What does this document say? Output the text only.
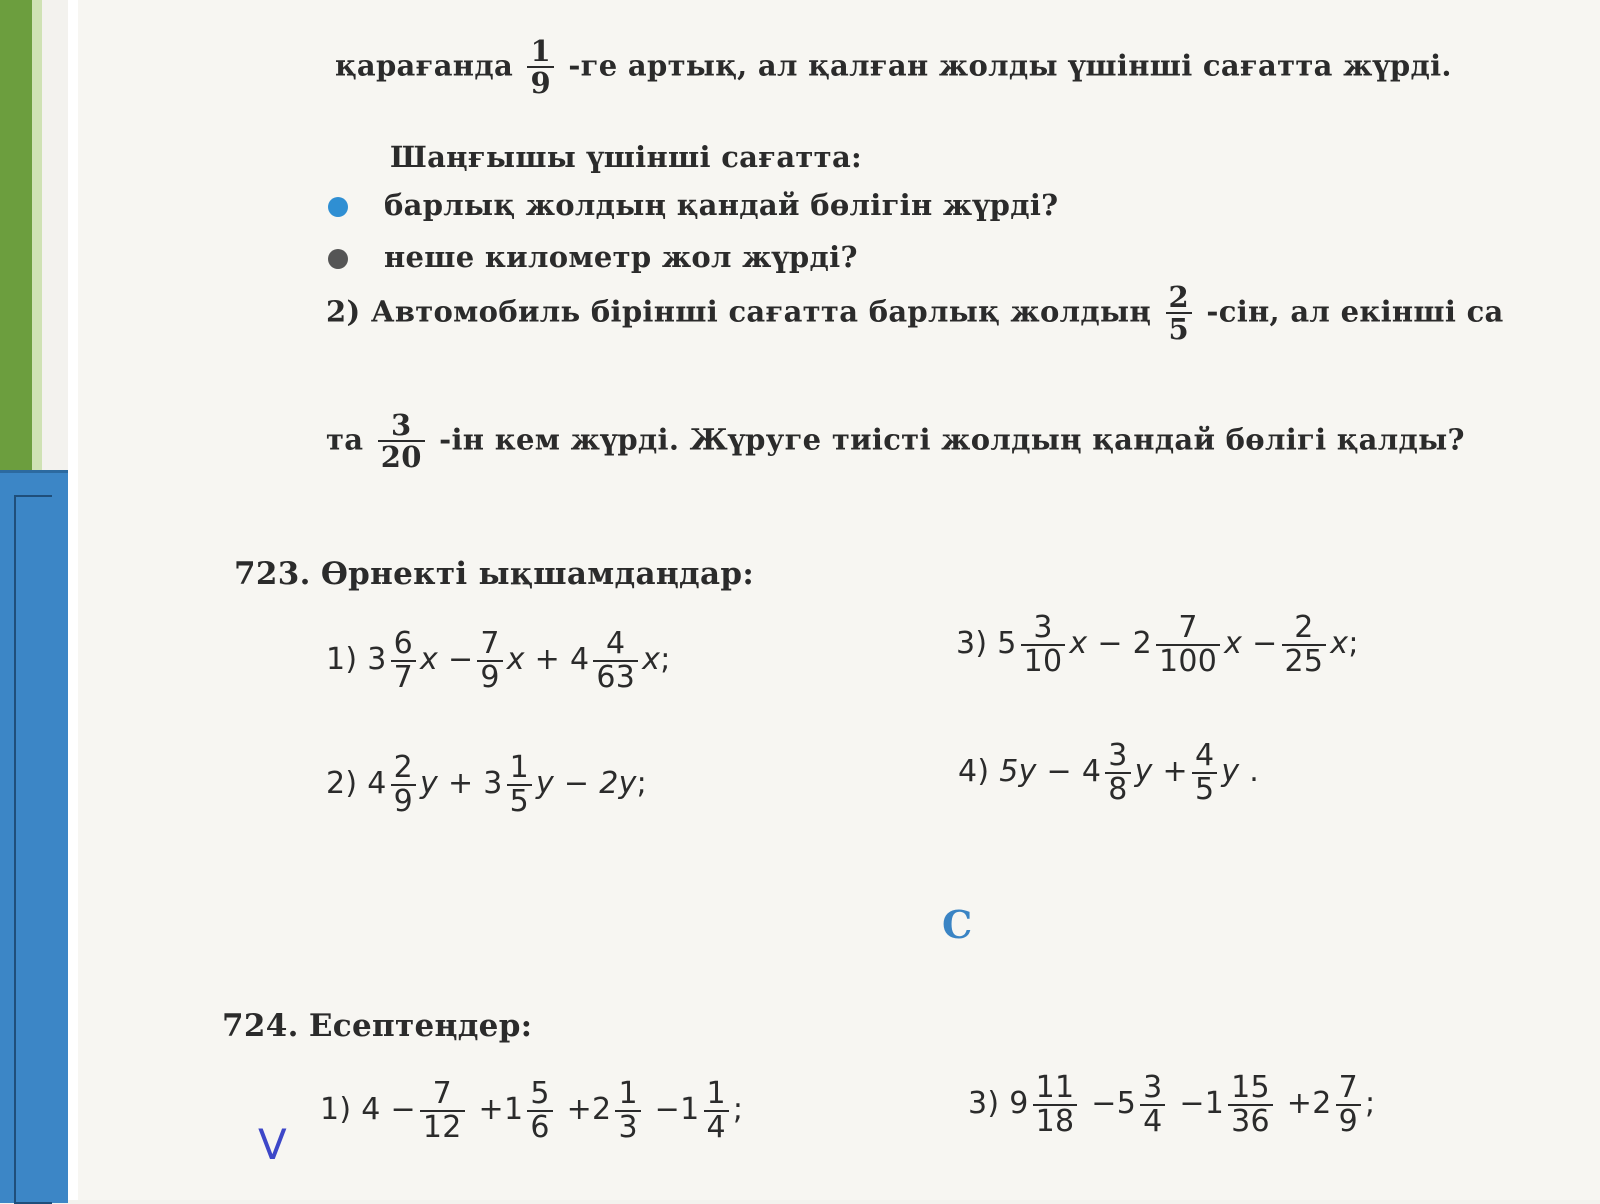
қарағанда $\frac{1}{9} -ге$ артық, ал қалған жолды үшінші сағатта жүрді.
Шаңғышы үшінші сағатта:
барлық жолдың қандай бөлігін жүрді?
неше километр жол жүрді?
2) Автомобиль бірінші сағатта барлық жолдың $\frac{2}{5} -сін$, ал екінші са
та $\frac{3}{20} -ін$ кем жүрді. Жүруге тиісті жолдың қандай бөлігі қалды?
723. Өрнекті ықшамдаңдар:
1) $3 \frac{6}{7}$ $x - \frac{7}{9}$ $x + 4 \frac{4}{63} x$;	3) $5 \frac{3}{10}$ $x - 2 \frac{7}{100}$ $x - \frac{2}{25} x$;
2) $4 \frac{2}{9}$ $y + 3 \frac{1}{5}$ y − 2y;	4) $5y - 4 \frac{3}{8}$ $y + \frac{4}{5}$ y .
C
724. Есептеңдер:
V
1) $4 - \frac{7}{12} +1 \frac{5}{6} +2 \frac{1}{3} -1 \frac{1}{4}$ ;	3) $9 \frac{11}{18} -5 \frac{3}{4} -1 \frac{15}{36} +2 \frac{7}{9}$ ;
